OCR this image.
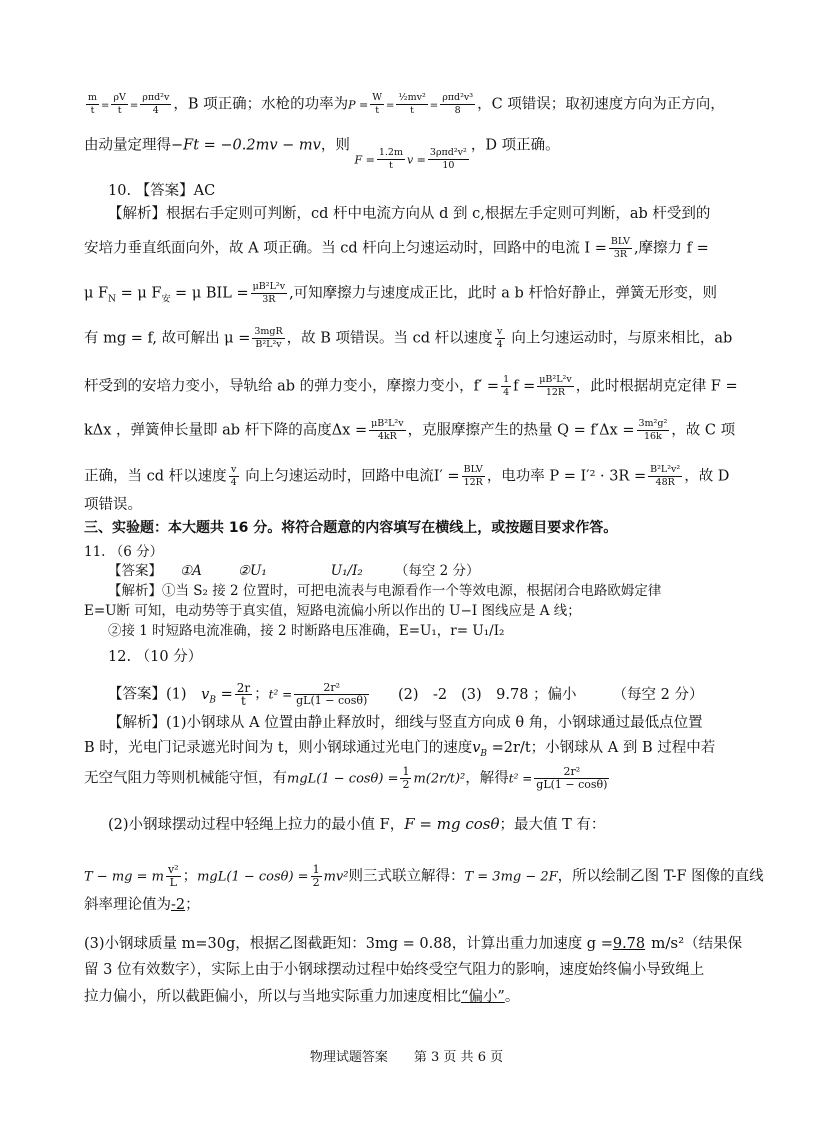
$\frac{m}{t} = \frac{\rho V}{t} = \frac{\text{ρπd²v}}{4}$ ，B 项正确；水枪的功率为$P = \frac{W}{t} = \frac{\text{½mv²}}{t} = \frac{\text{ρπd²v³}}{8}$ ，C 项错误；取初速度方向为正方向，
由动量定理得−Ft = −0.2mv − mv，则 $F = \frac{1.2m}{t}$ $v = \frac{\text{3ρπd²v²}}{10}$
，D 项正确。
10. 【答案】AC
【解析】根据右手定则可判断，cd 杆中电流方向从 d 到 c,根据左手定则可判断，ab 杆受到的
安培力垂直纸面向外，故 A 项正确。当 cd 杆向上匀速运动时，回路中的电流 $I = \frac{\text{BLV}}{3R}$ ,摩擦力 f =
μ $F_N = \mu$ $F_安 = \mu$ BIL = $\frac{\text{μB²L²v}}{3R}$ ,可知摩擦力与速度成正比，此时 a b 杆恰好静止，弹簧无形变，则
有 mg = f, 故可解出 $\mu = \frac{\text{3mgR}}{\text{B²L²v}}$ ，故 B 项错误。当 cd 杆以速度 $\frac{v}{4}$ 向上匀速运动时，与原来相比，ab
杆受到的安培力变小，导轨给 ab 的弹力变小，摩擦力变小，$f' = \frac{1}{4}$ $f = \frac{\text{μB²L²v}}{12R}$ ，此时根据胡克定律 F =
kΔx ，弹簧伸长量即 ab 杆下降的高度$\Delta x = \frac{\text{μB²L²v}}{4kR}$ ，克服摩擦产生的热量 $Q = f'\Delta x = \frac{\text{3m²g²}}{16k}$ ，故 C 项
正确，当 cd 杆以速度 $\frac{v}{4}$ 向上匀速运动时，回路中电流$I' = \frac{\text{BLV}}{12R}$ ，电功率 $P = I'^2 \cdot 3R = \frac{\text{B²L²v²}}{48R}$ ，故 D
项错误。
三、实验题：本大题共 16 分。将符合题意的内容填写在横线上，或按题目要求作答。
11. （6 分）
【答案】 ①A	②U₁	U₁/I₂ （每空 2 分）
【解析】①当 S₂ 接 2 位置时，可把电流表与电源看作一个等效电源，根据闭合电路欧姆定律
E=U断 可知，电动势等于真实值，短路电流偏小所以作出的 U−I 图线应是 A 线；
②接 1 时短路电流准确，接 2 时断路电压准确，E=U₁，r= U₁/I₂
12. （10 分）
【答案】(1) $v_B = \frac{2r}{t}$ ；$t^2 = \frac{\text{2r²}}{gL(1 - \cos\theta)} (2)$　-2 (3)　9.78 ；偏小 （每空 2 分）
【解析】(1)小钢球从 A 位置由静止释放时，细线与竖直方向成 θ 角，小钢球通过最低点位置
B 时，光电门记录遮光时间为 t，则小钢球通过光电门的速度$v_B =2r/t$；小钢球从 A 到 B 过程中若
无空气阻力等则机械能守恒，有$mgL(1 - \cos\theta) = \frac{1}{2} m(2r/t)^2$，解得$t^2 = \frac{\text{2r²}}{gL(1 - \cos\theta)}$
(2)小钢球摆动过程中轻绳上拉力的最小值 F，F = mg cosθ；最大值 T 有：
T − mg = m $\frac{\text{v²}}{L}$ ；$mgL(1 - \cos\theta) = \frac{1}{2} mv^2$则三式联立解得：T = 3mg − 2F，所以绘制乙图 T-F 图像的直线
斜率理论值为-2；
(3)小钢球质量 m=30g，根据乙图截距知：3mg = 0.88，计算出重力加速度 g =9.78 m/s²（结果保
留 3 位有效数字），实际上由于小钢球摆动过程中始终受空气阻力的影响，速度始终偏小导致绳上
拉力偏小，所以截距偏小，所以与当地实际重力加速度相比“偏小”。
物理试题答案　　第 3 页 共 6 页
